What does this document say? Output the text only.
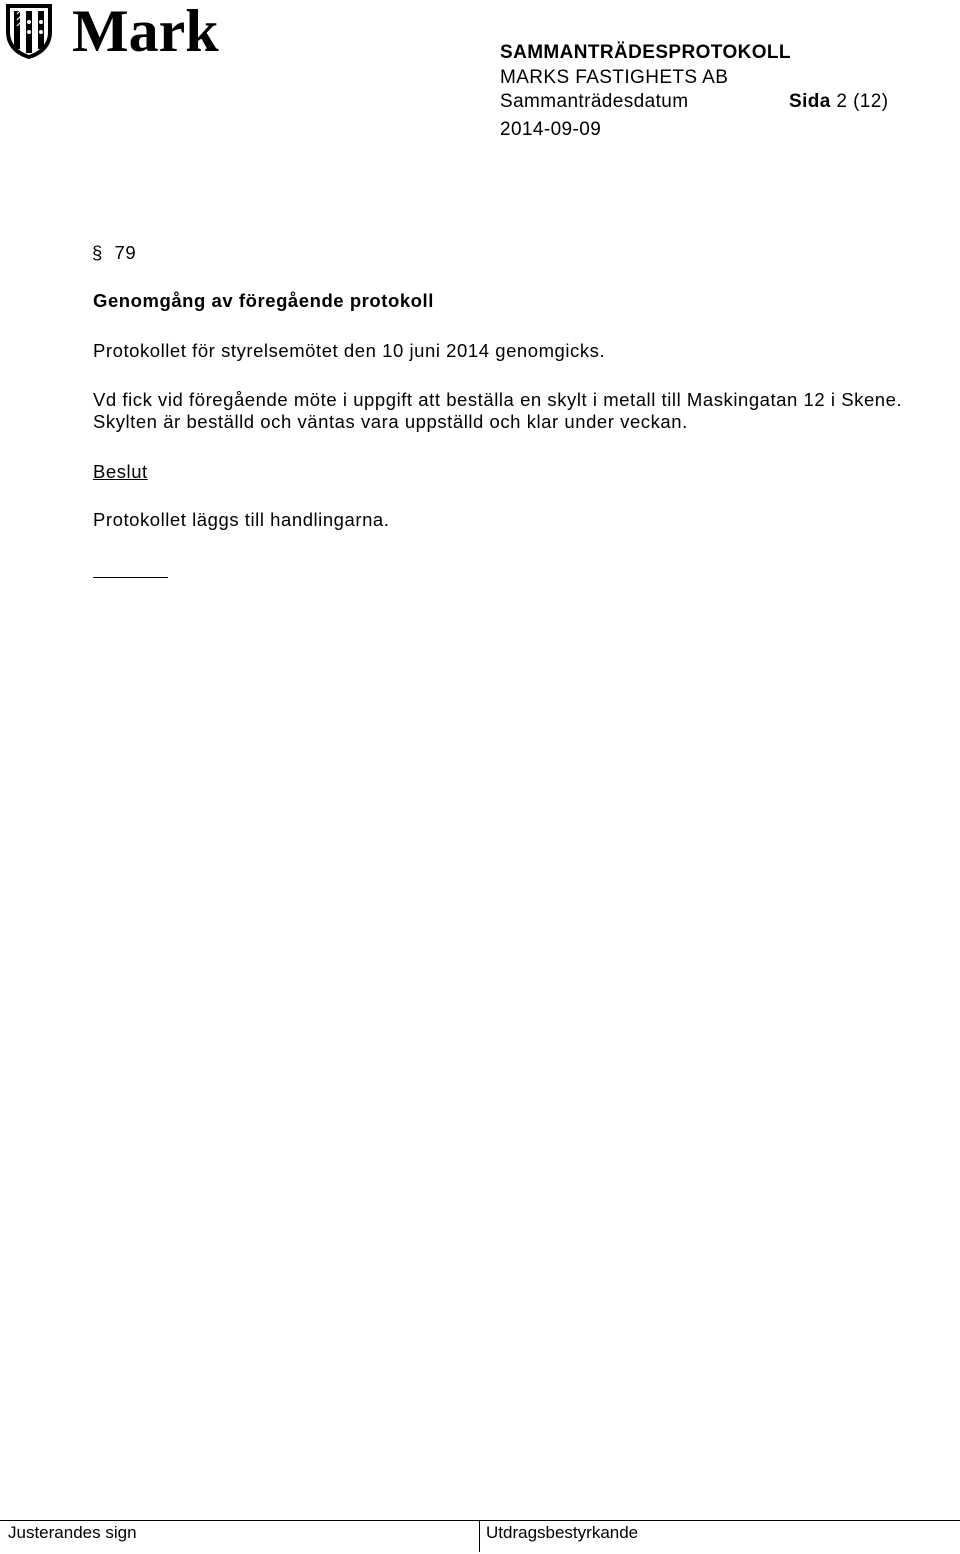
Mark	SAMMANTRÄDESPROTOKOLL
MARKS FASTIGHETS AB
Sammanträdesdatum	Sida 2 (12)
2014-09-09
§ 79
Genomgång av föregående protokoll
Protokollet för styrelsemötet den 10 juni 2014 genomgicks.
Vd fick vid föregående möte i uppgift att beställa en skylt i metall till Maskingatan 12 i Skene. Skylten är beställd och väntas vara uppställd och klar under veckan.
Beslut
Protokollet läggs till handlingarna.
Justerandes sign	Utdragsbestyrkande
